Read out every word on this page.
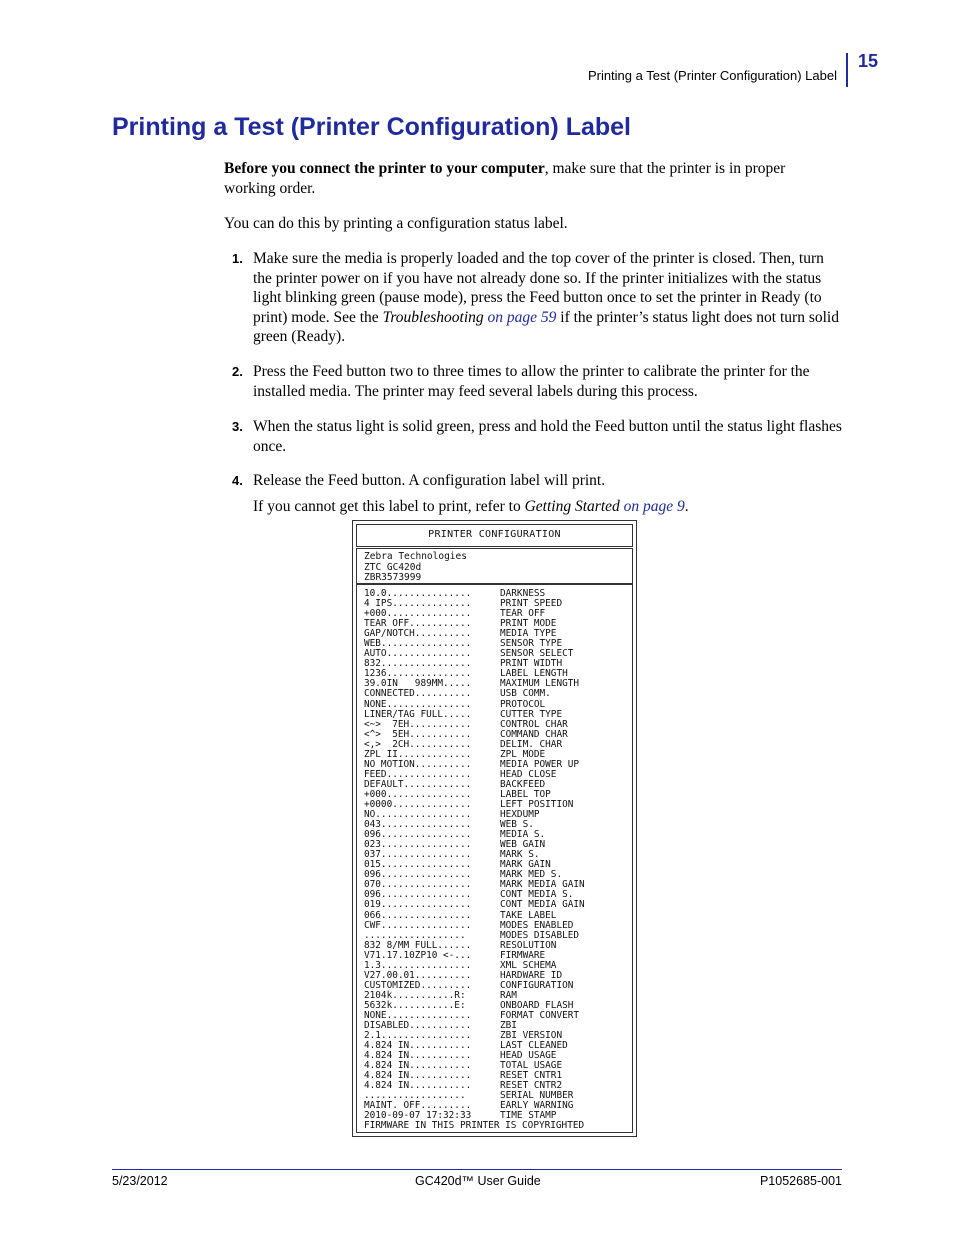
Printing a Test (Printer Configuration) Label
15
Printing a Test (Printer Configuration) Label

Before you connect the printer to your computer, make sure that the printer is in proper working order.

You can do this by printing a configuration status label.

1. Make sure the media is properly loaded and the top cover of the printer is closed. Then, turn the printer power on if you have not already done so. If the printer initializes with the status light blinking green (pause mode), press the Feed button once to set the printer in Ready (to print) mode. See the Troubleshooting on page 59 if the printer’s status light does not turn solid green (Ready).
2. Press the Feed button two to three times to allow the printer to calibrate the printer for the installed media. The printer may feed several labels during this process.
3. When the status light is solid green, press and hold the Feed button until the status light flashes once.
4. Release the Feed button. A configuration label will print.
If you cannot get this label to print, refer to Getting Started on page 9.
PRINTER CONFIGURATION
Zebra Technologies
ZTC GC420d
ZBR3573999
10.0...............	DARKNESS
4 IPS..............	PRINT SPEED
+000...............	TEAR OFF
TEAR OFF...........	PRINT MODE
GAP/NOTCH..........	MEDIA TYPE
WEB................	SENSOR TYPE
AUTO...............	SENSOR SELECT
832................	PRINT WIDTH
1236...............	LABEL LENGTH
39.0IN   989MM.....	MAXIMUM LENGTH
CONNECTED..........	USB COMM.
NONE...............	PROTOCOL
LINER/TAG FULL.....	CUTTER TYPE
<~>  7EH...........	CONTROL CHAR
<^>  5EH...........	COMMAND CHAR
<,>  2CH...........	DELIM. CHAR
ZPL II.............	ZPL MODE
NO MOTION..........	MEDIA POWER UP
FEED...............	HEAD CLOSE
DEFAULT............	BACKFEED
+000...............	LABEL TOP
+0000..............	LEFT POSITION
NO.................	HEXDUMP
043................	WEB S.
096................	MEDIA S.
023................	WEB GAIN
037................	MARK S.
015................	MARK GAIN
096................	MARK MED S.
070................	MARK MEDIA GAIN
096................	CONT MEDIA S.
019................	CONT MEDIA GAIN
066................	TAKE LABEL
CWF................	MODES ENABLED
..................	MODES DISABLED
832 8/MM FULL......	RESOLUTION
V71.17.10ZP10 <-...	FIRMWARE
1.3................	XML SCHEMA
V27.00.01..........	HARDWARE ID
CUSTOMIZED.........	CONFIGURATION
2104k...........R:	RAM
5632k...........E:	ONBOARD FLASH
NONE...............	FORMAT CONVERT
DISABLED...........	ZBI
2.1................	ZBI VERSION
4.824 IN...........	LAST CLEANED
4.824 IN...........	HEAD USAGE
4.824 IN...........	TOTAL USAGE
4.824 IN...........	RESET CNTR1
4.824 IN...........	RESET CNTR2
..................	SERIAL NUMBER
MAINT. OFF.........	EARLY WARNING
2010-09-07 17:32:33	TIME STAMP
FIRMWARE IN THIS PRINTER IS COPYRIGHTED
5/23/2012	GC420d™ User Guide	P1052685-001
